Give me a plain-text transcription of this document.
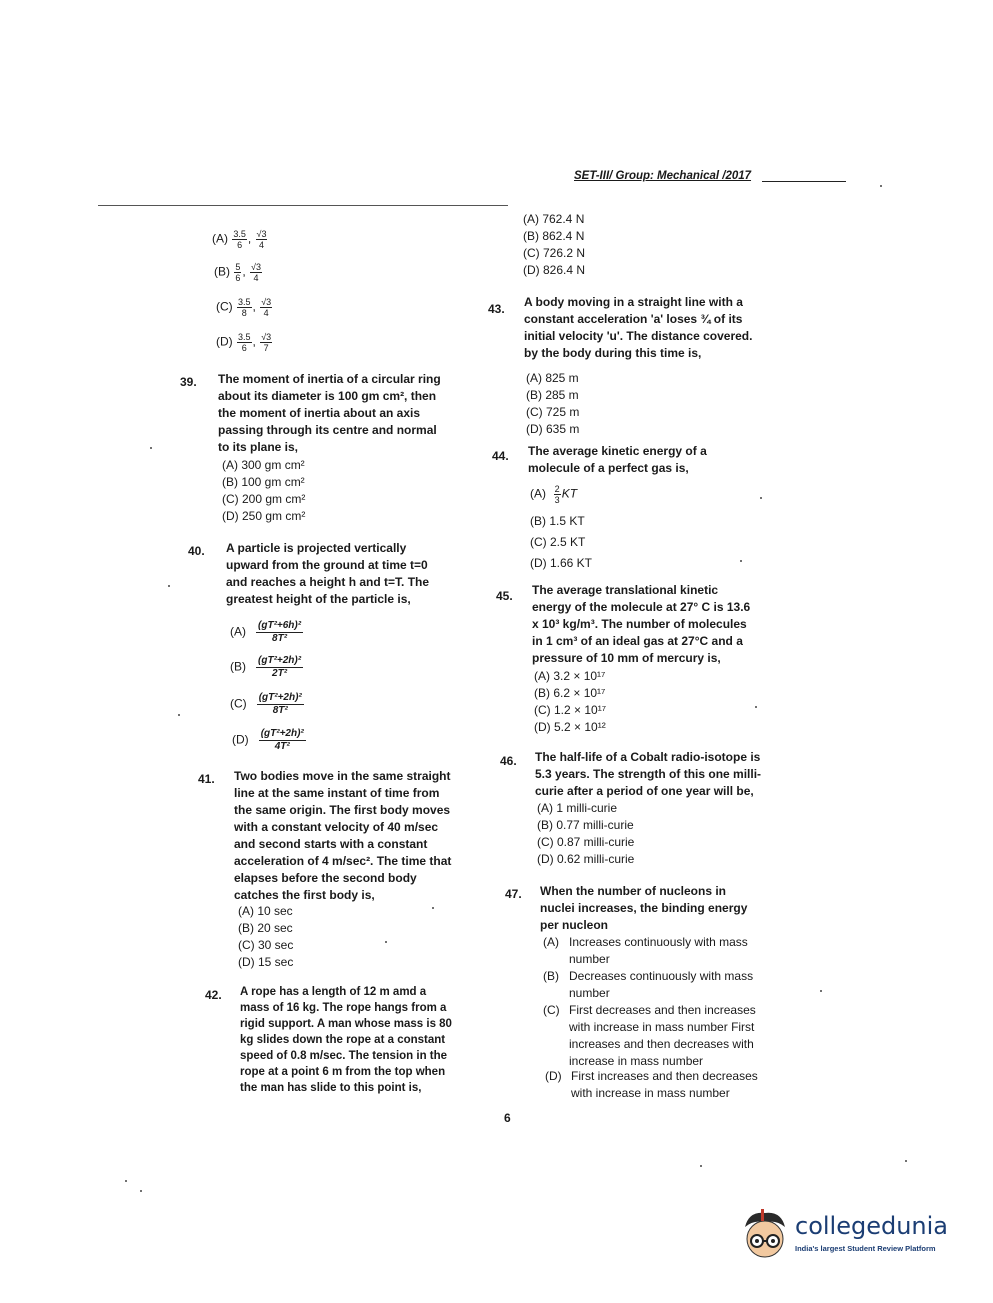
SET-III/ Group: Mechanical /2017
$(A) \frac{3.5}{6}$ , $\frac{√3}{4}$
$(B) \frac{5}{6}$ , $\frac{√3}{4}$
$(C) \frac{3.5}{8}$ , $\frac{√3}{4}$
$(D) \frac{3.5}{6}$ , $\frac{√3}{7}$
39. The moment of inertia of a circular ring
about its diameter is 100 gm cm², then
the moment of inertia about an axis
passing through its centre and normal
to its plane is,
(A) 300 gm cm²
(B) 100 gm cm²
(C) 200 gm cm²
(D) 250 gm cm²
40. A particle is projected vertically
upward from the ground at time t=0
and reaches a height h and t=T. The
greatest height of the particle is,
$(A) \frac{\text{(gT²+6h)²}}{\text{8T²}}$
$(B) \frac{\text{(gT²+2h)²}}{\text{2T²}}$
$(C) \frac{\text{(gT²+2h)²}}{\text{8T²}}$
$(D) \frac{\text{(gT²+2h)²}}{\text{4T²}}$
41. Two bodies move in the same straight
line at the same instant of time from
the same origin. The first body moves
with a constant velocity of 40 m/sec
and second starts with a constant
acceleration of 4 m/sec². The time that
elapses before the second body
catches the first body is,
(A) 10 sec
(B) 20 sec
(C) 30 sec
(D) 15 sec
42. A rope has a length of 12 m amd a
mass of 16 kg. The rope hangs from a
rigid support. A man whose mass is 80
kg slides down the rope at a constant
speed of 0.8 m/sec. The tension in the
rope at a point 6 m from the top when
the man has slide to this point is,
(A) 762.4 N
(B) 862.4 N
(C) 726.2 N
(D) 826.4 N
43. A body moving in a straight line with a
constant acceleration 'a' loses ¾ of its
initial velocity 'u'. The distance covered.
by the body during this time is,
(A) 825 m
(B) 285 m
(C) 725 m
(D) 635 m
44. The average kinetic energy of a
molecule of a perfect gas is,
$(A) \frac{2}{3}$ KT
(B) 1.5 KT
(C) 2.5 KT
(D) 1.66 KT
45. The average translational kinetic
energy of the molecule at 27° C is 13.6
x 10³ kg/m³. The number of molecules
in 1 cm³ of an ideal gas at 27°C and a
pressure of 10 mm of mercury is,
(A) 3.2 × 10¹⁷
(B) 6.2 × 10¹⁷
(C) 1.2 × 10¹⁷
(D) 5.2 × 10¹²
46. The half-life of a Cobalt radio-isotope is
5.3 years. The strength of this one milli-
curie after a period of one year will be,
(A) 1 milli-curie
(B) 0.77 milli-curie
(C) 0.87 milli-curie
(D) 0.62 milli-curie
47. When the number of nucleons in
nuclei increases, the binding energy
per nucleon
(A) Increases continuously with mass
number
(B) Decreases continuously with mass
number
(C) First decreases and then increases
with increase in mass number First
increases and then decreases with
increase in mass number
(D) First increases and then decreases
with increase in mass number
6
collegedunia
India's largest Student Review Platform
